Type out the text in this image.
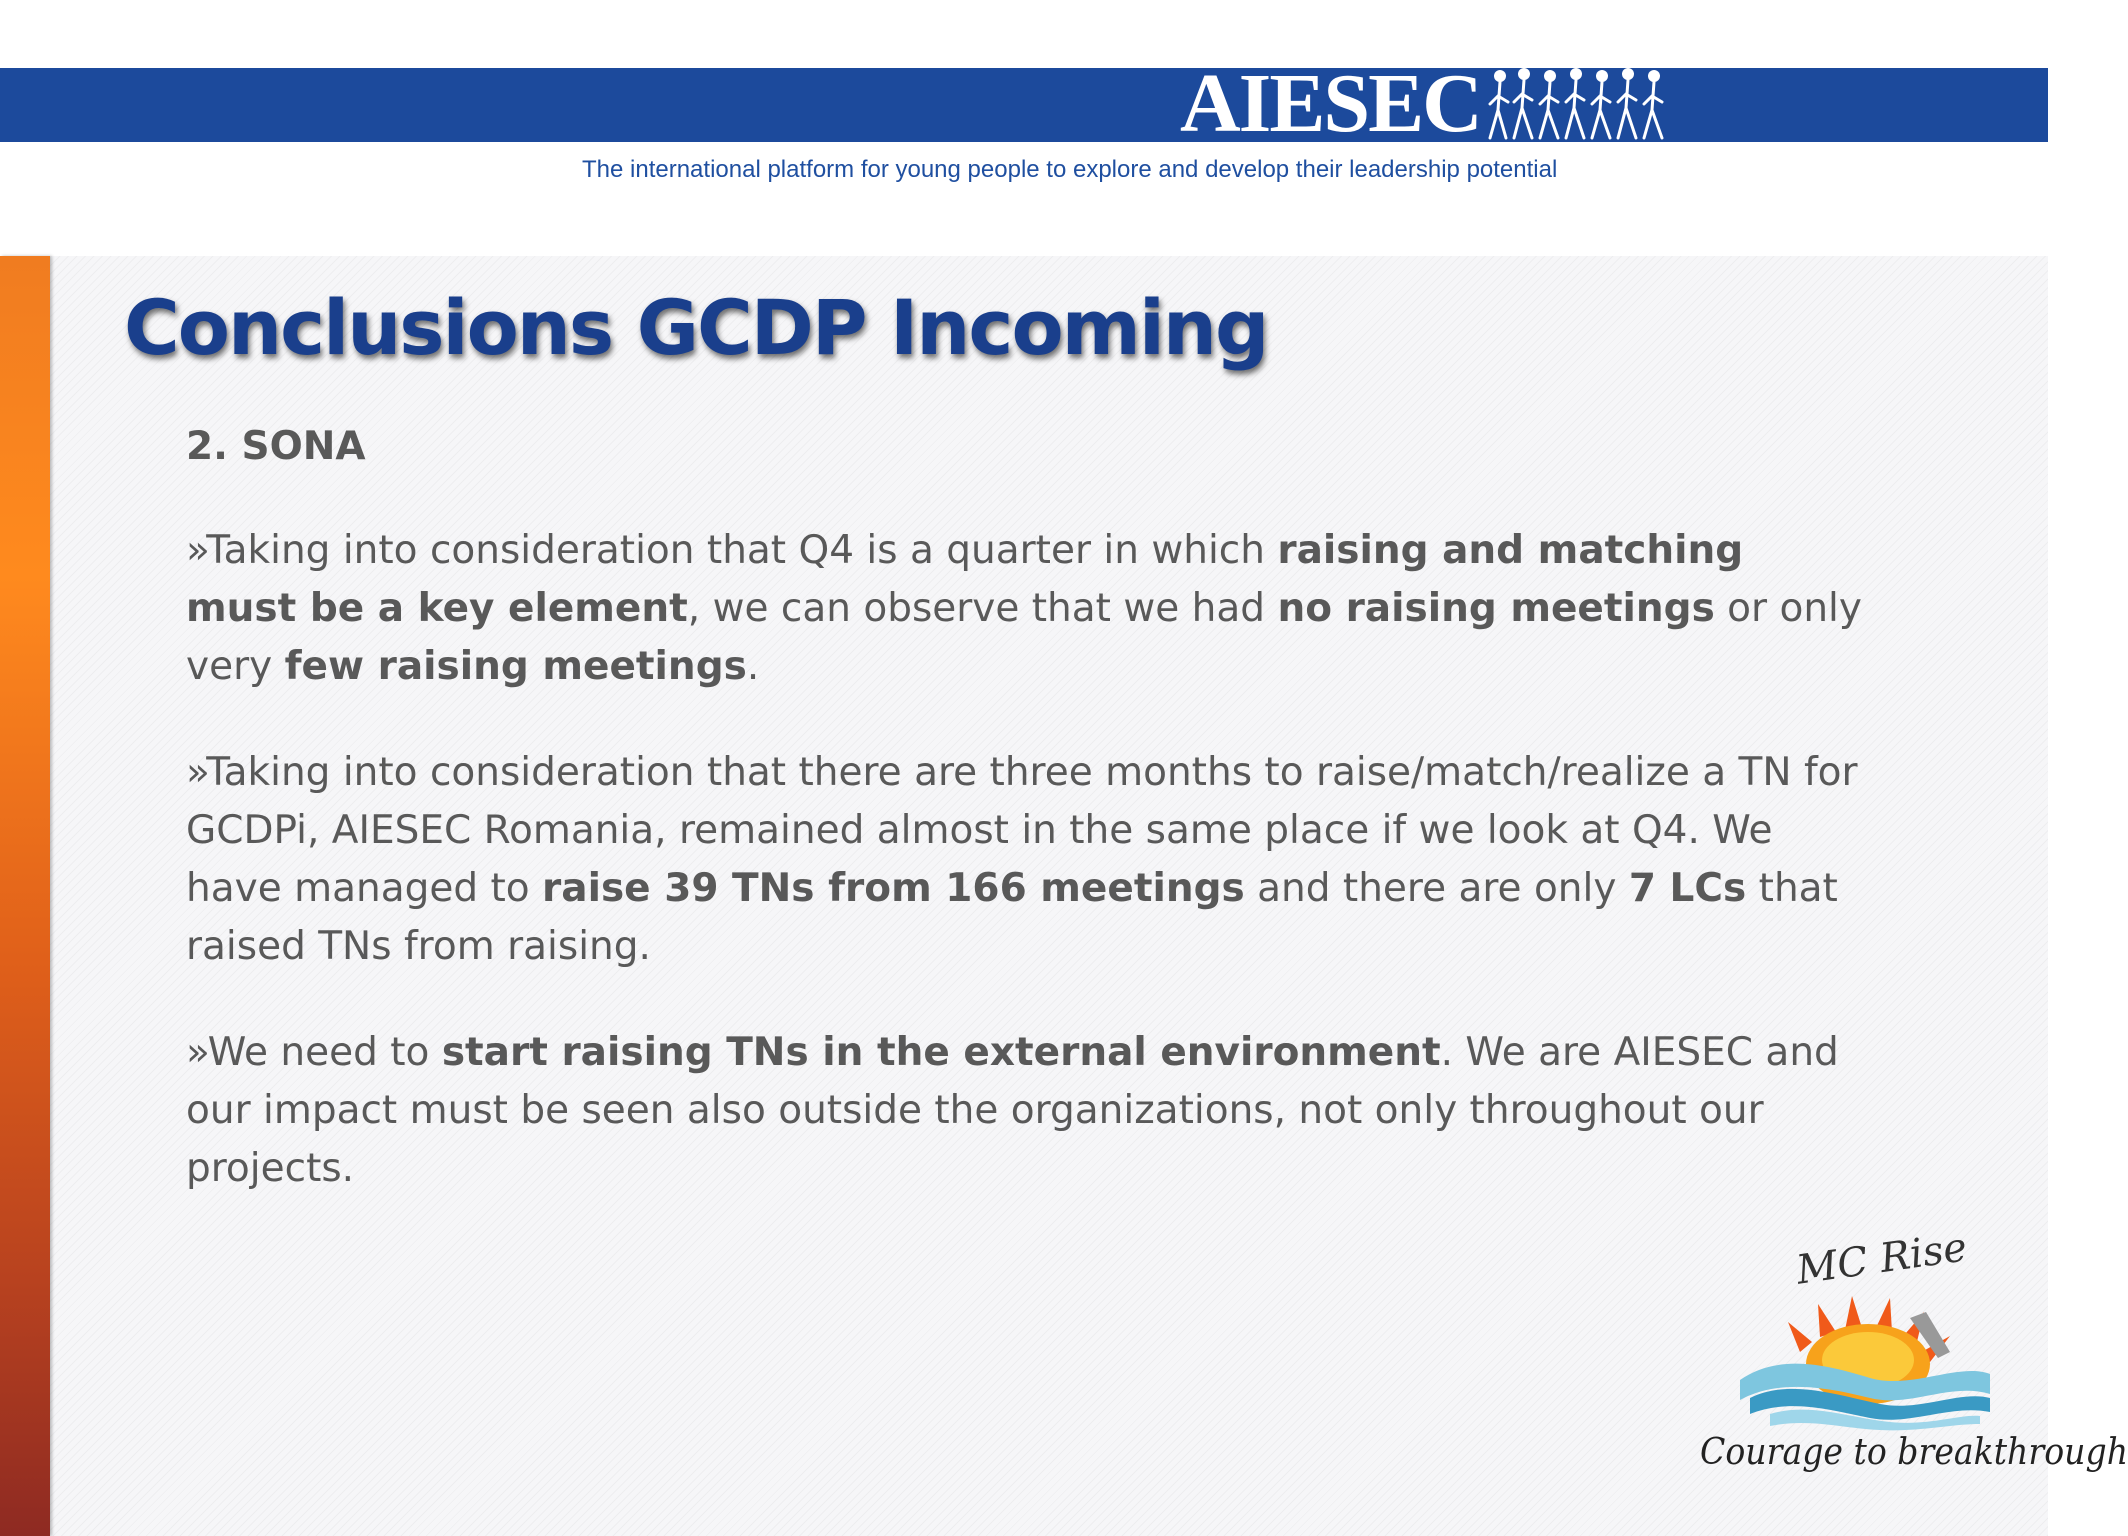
AIESEC
The international platform for young people to explore and develop their leadership potential
Conclusions GCDP Incoming

2. SONA

»Taking into consideration that Q4 is a quarter in which raising and matching must be a key element, we can observe that we had no raising meetings or only very few raising meetings.

»Taking into consideration that there are three months to raise/match/realize a TN for GCDPi, AIESEC Romania, remained almost in the same place if we look at Q4. We have managed to raise 39 TNs from 166 meetings and there are only 7 LCs that raised TNs from raising.

»We need to start raising TNs in the external environment. We are AIESEC and our impact must be seen also outside the organizations, not only throughout our projects.

MC Rise
Courage to breakthrough
